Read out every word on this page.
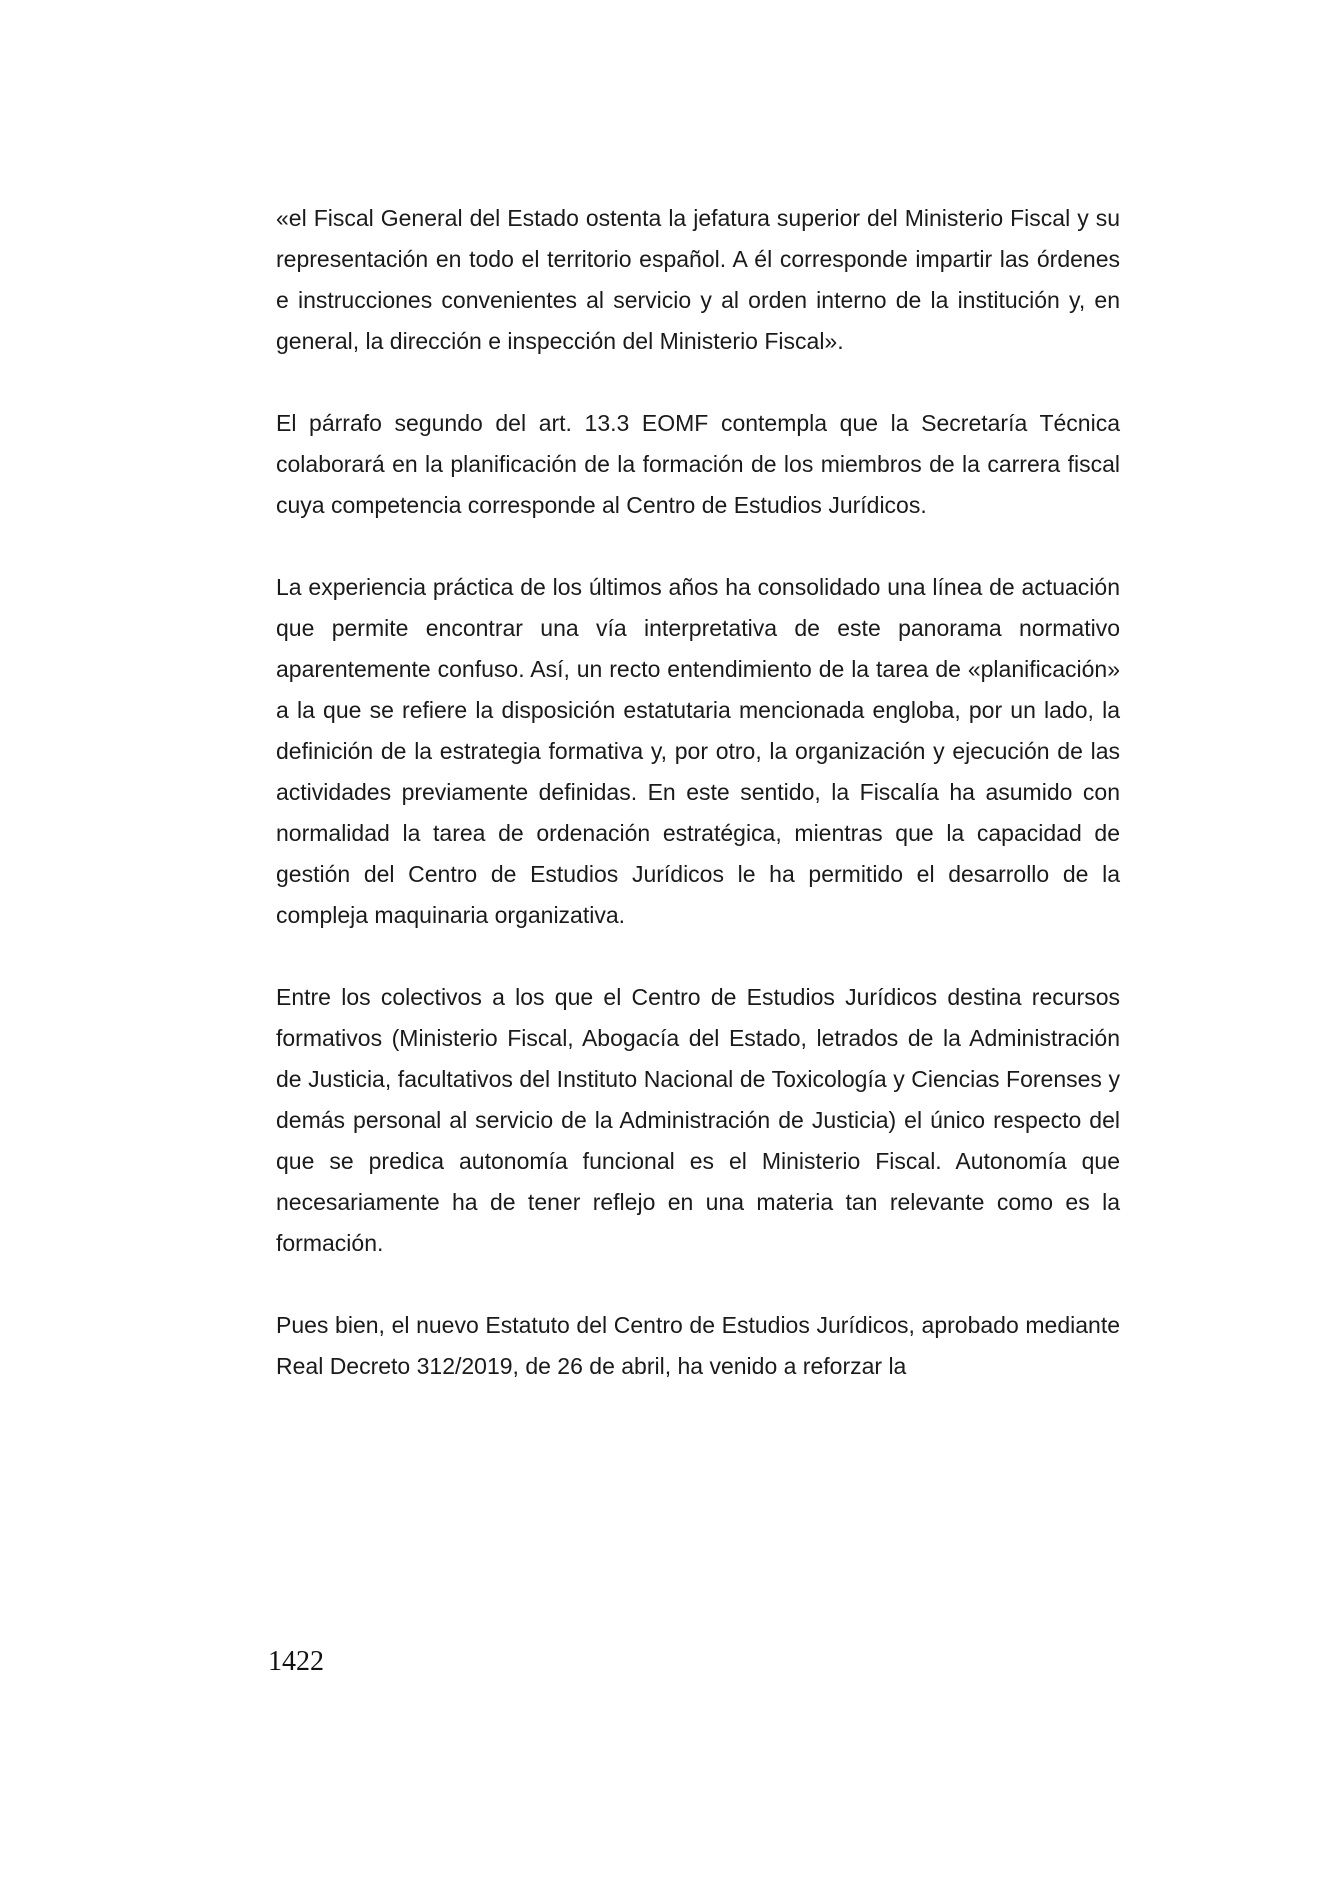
«el Fiscal General del Estado ostenta la jefatura superior del Ministerio Fiscal y su representación en todo el territorio español. A él corresponde impartir las órdenes e instrucciones convenientes al servicio y al orden interno de la institución y, en general, la dirección e inspección del Ministerio Fiscal».

El párrafo segundo del art. 13.3 EOMF contempla que la Secretaría Técnica colaborará en la planificación de la formación de los miembros de la carrera fiscal cuya competencia corresponde al Centro de Estudios Jurídicos.

La experiencia práctica de los últimos años ha consolidado una línea de actuación que permite encontrar una vía interpretativa de este panorama normativo aparentemente confuso. Así, un recto entendimiento de la tarea de «planificación» a la que se refiere la disposición estatutaria mencionada engloba, por un lado, la definición de la estrategia formativa y, por otro, la organización y ejecución de las actividades previamente definidas. En este sentido, la Fiscalía ha asumido con normalidad la tarea de ordenación estratégica, mientras que la capacidad de gestión del Centro de Estudios Jurídicos le ha permitido el desarrollo de la compleja maquinaria organizativa.

Entre los colectivos a los que el Centro de Estudios Jurídicos destina recursos formativos (Ministerio Fiscal, Abogacía del Estado, letrados de la Administración de Justicia, facultativos del Instituto Nacional de Toxicología y Ciencias Forenses y demás personal al servicio de la Administración de Justicia) el único respecto del que se predica autonomía funcional es el Ministerio Fiscal. Autonomía que necesariamente ha de tener reflejo en una materia tan relevante como es la formación.

Pues bien, el nuevo Estatuto del Centro de Estudios Jurídicos, aprobado mediante Real Decreto 312/2019, de 26 de abril, ha venido a reforzar la

1422
